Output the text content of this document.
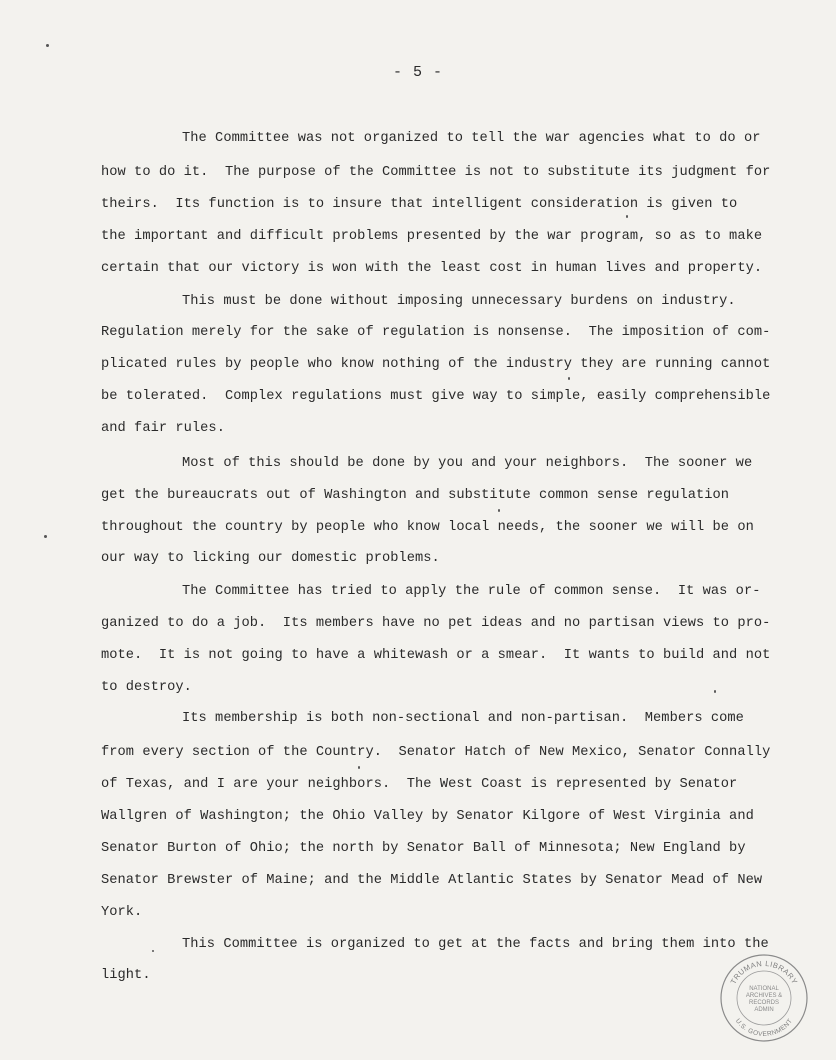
- 5 -
The Committee was not organized to tell the war agencies what to do or
how to do it.  The purpose of the Committee is not to substitute its judgment for
theirs.  Its function is to insure that intelligent consideration is given to
the important and difficult problems presented by the war program, so as to make
certain that our victory is won with the least cost in human lives and property.
This must be done without imposing unnecessary burdens on industry.
Regulation merely for the sake of regulation is nonsense.  The imposition of com-
plicated rules by people who know nothing of the industry they are running cannot
be tolerated.  Complex regulations must give way to simple, easily comprehensible
and fair rules.
Most of this should be done by you and your neighbors.  The sooner we
get the bureaucrats out of Washington and substitute common sense regulation
throughout the country by people who know local needs, the sooner we will be on
our way to licking our domestic problems.
The Committee has tried to apply the rule of common sense.  It was or-
ganized to do a job.  Its members have no pet ideas and no partisan views to pro-
mote.  It is not going to have a whitewash or a smear.  It wants to build and not
to destroy.
Its membership is both non-sectional and non-partisan.  Members come
from every section of the Country.  Senator Hatch of New Mexico, Senator Connally
of Texas, and I are your neighbors.  The West Coast is represented by Senator
Wallgren of Washington; the Ohio Valley by Senator Kilgore of West Virginia and
Senator Burton of Ohio; the north by Senator Ball of Minnesota; New England by
Senator Brewster of Maine; and the Middle Atlantic States by Senator Mead of New
York.
This Committee is organized to get at the facts and bring them into the
light.	TRUMAN LIBRARY
U.S. GOVERNMENT
NATIONAL
ARCHIVES &
RECORDS
ADMIN
